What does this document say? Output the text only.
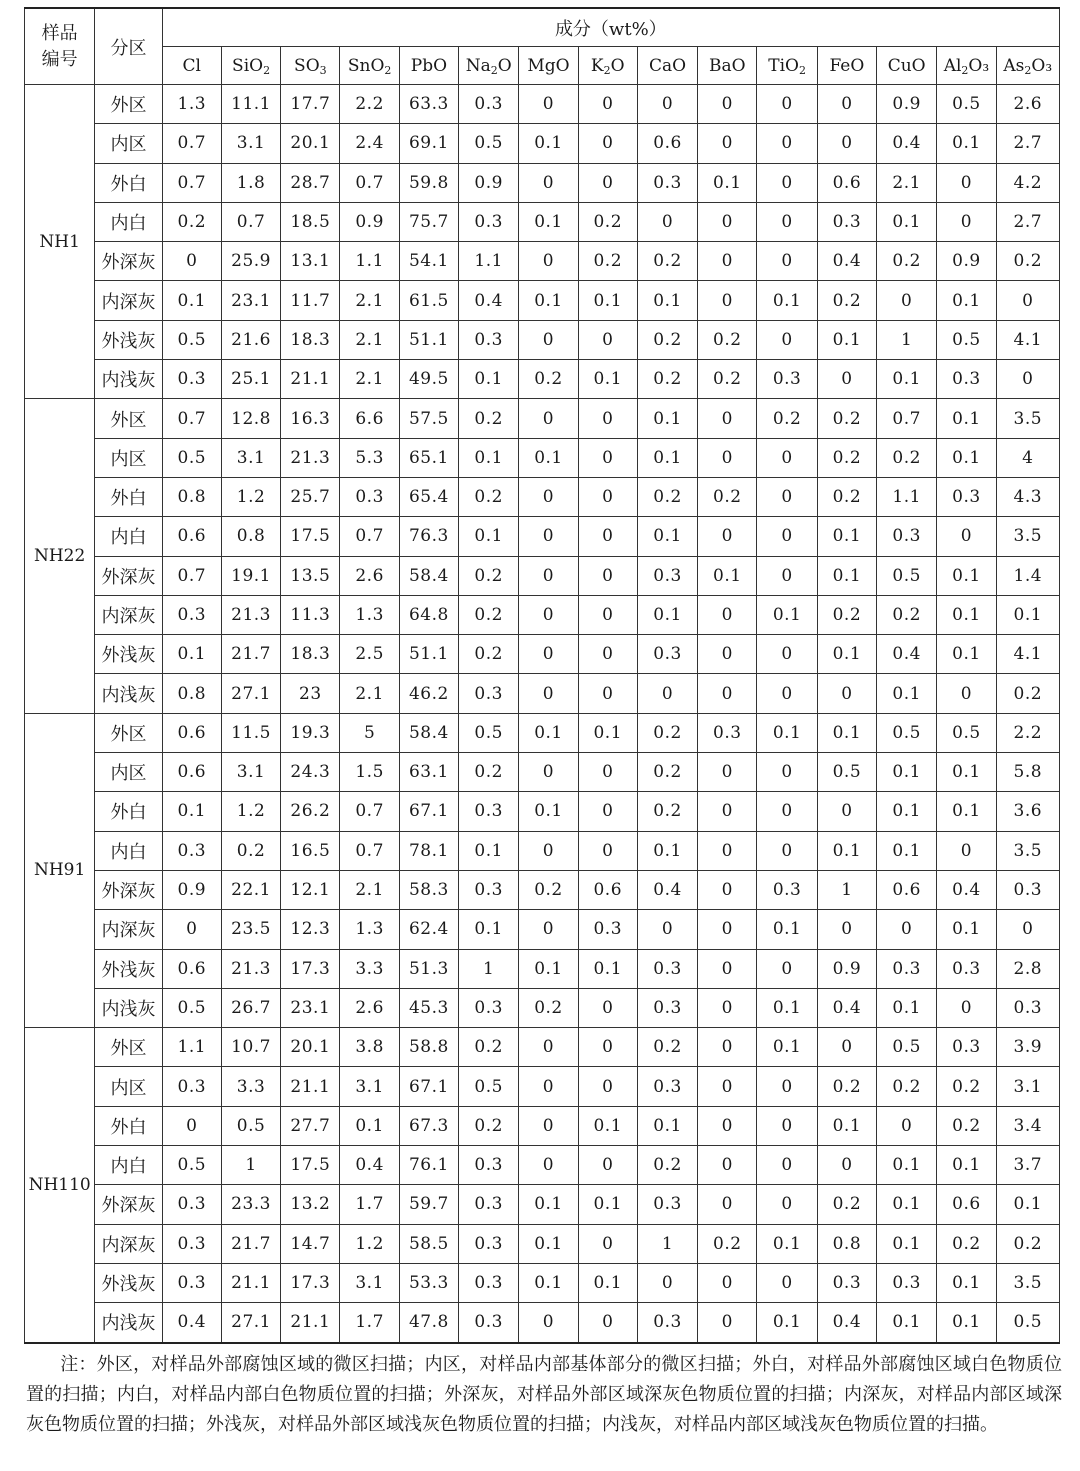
样品编号	分区	成分（wt%）														
		Cl	SiO$_2$	$SO_3$	SnO$_2$	PbO	$Na_2O$	MgO	$K_2O$	CaO	BaO	TiO$_2$	FeO	CuO	$Al_2O_3$	$As_2O_3$
NH1	外区	1.3	11.1	17.7	2.2	63.3	0.3	0	0	0	0	0	0	0.9	0.5	2.6
	内区	0.7	3.1	20.1	2.4	69.1	0.5	0.1	0	0.6	0	0	0	0.4	0.1	2.7
	外白	0.7	1.8	28.7	0.7	59.8	0.9	0	0	0.3	0.1	0	0.6	2.1	0	4.2
	内白	0.2	0.7	18.5	0.9	75.7	0.3	0.1	0.2	0	0	0	0.3	0.1	0	2.7
	外深灰	0	25.9	13.1	1.1	54.1	1.1	0	0.2	0.2	0	0	0.4	0.2	0.9	0.2
	内深灰	0.1	23.1	11.7	2.1	61.5	0.4	0.1	0.1	0.1	0	0.1	0.2	0	0.1	0
	外浅灰	0.5	21.6	18.3	2.1	51.1	0.3	0	0	0.2	0.2	0	0.1	1	0.5	4.1
	内浅灰	0.3	25.1	21.1	2.1	49.5	0.1	0.2	0.1	0.2	0.2	0.3	0	0.1	0.3	0
NH22	外区	0.7	12.8	16.3	6.6	57.5	0.2	0	0	0.1	0	0.2	0.2	0.7	0.1	3.5
	内区	0.5	3.1	21.3	5.3	65.1	0.1	0.1	0	0.1	0	0	0.2	0.2	0.1	4
	外白	0.8	1.2	25.7	0.3	65.4	0.2	0	0	0.2	0.2	0	0.2	1.1	0.3	4.3
	内白	0.6	0.8	17.5	0.7	76.3	0.1	0	0	0.1	0	0	0.1	0.3	0	3.5
	外深灰	0.7	19.1	13.5	2.6	58.4	0.2	0	0	0.3	0.1	0	0.1	0.5	0.1	1.4
	内深灰	0.3	21.3	11.3	1.3	64.8	0.2	0	0	0.1	0	0.1	0.2	0.2	0.1	0.1
	外浅灰	0.1	21.7	18.3	2.5	51.1	0.2	0	0	0.3	0	0	0.1	0.4	0.1	4.1
	内浅灰	0.8	27.1	23	2.1	46.2	0.3	0	0	0	0	0	0	0.1	0	0.2
NH91	外区	0.6	11.5	19.3	5	58.4	0.5	0.1	0.1	0.2	0.3	0.1	0.1	0.5	0.5	2.2
	内区	0.6	3.1	24.3	1.5	63.1	0.2	0	0	0.2	0	0	0.5	0.1	0.1	5.8
	外白	0.1	1.2	26.2	0.7	67.1	0.3	0.1	0	0.2	0	0	0	0.1	0.1	3.6
	内白	0.3	0.2	16.5	0.7	78.1	0.1	0	0	0.1	0	0	0.1	0.1	0	3.5
	外深灰	0.9	22.1	12.1	2.1	58.3	0.3	0.2	0.6	0.4	0	0.3	1	0.6	0.4	0.3
	内深灰	0	23.5	12.3	1.3	62.4	0.1	0	0.3	0	0	0.1	0	0	0.1	0
	外浅灰	0.6	21.3	17.3	3.3	51.3	1	0.1	0.1	0.3	0	0	0.9	0.3	0.3	2.8
	内浅灰	0.5	26.7	23.1	2.6	45.3	0.3	0.2	0	0.3	0	0.1	0.4	0.1	0	0.3
NH110	外区	1.1	10.7	20.1	3.8	58.8	0.2	0	0	0.2	0	0.1	0	0.5	0.3	3.9
	内区	0.3	3.3	21.1	3.1	67.1	0.5	0	0	0.3	0	0	0.2	0.2	0.2	3.1
	外白	0	0.5	27.7	0.1	67.3	0.2	0	0.1	0.1	0	0	0.1	0	0.2	3.4
	内白	0.5	1	17.5	0.4	76.1	0.3	0	0	0.2	0	0	0	0.1	0.1	3.7
	外深灰	0.3	23.3	13.2	1.7	59.7	0.3	0.1	0.1	0.3	0	0	0.2	0.1	0.6	0.1
	内深灰	0.3	21.7	14.7	1.2	58.5	0.3	0.1	0	1	0.2	0.1	0.8	0.1	0.2	0.2
	外浅灰	0.3	21.1	17.3	3.1	53.3	0.3	0.1	0.1	0	0	0	0.3	0.3	0.1	3.5
	内浅灰	0.4	27.1	21.1	1.7	47.8	0.3	0	0	0.3	0	0.1	0.4	0.1	0.1	0.5
注：外区，对样品外部腐蚀区域的微区扫描；内区，对样品内部基体部分的微区扫描；外白，对样品外部腐蚀区域白色物质位置的扫描；内白，对样品内部白色物质位置的扫描；外深灰，对样品外部区域深灰色物质位置的扫描；内深灰，对样品内部区域深灰色物质位置的扫描；外浅灰，对样品外部区域浅灰色物质位置的扫描；内浅灰，对样品内部区域浅灰色物质位置的扫描。
